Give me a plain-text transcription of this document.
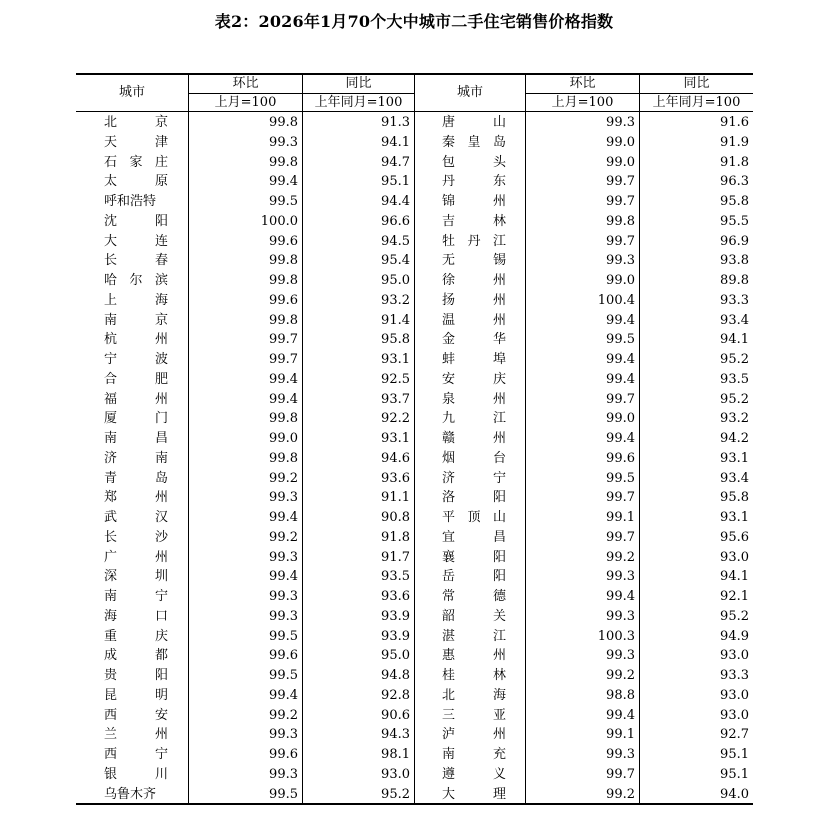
表2：2026年1月70个大中城市二手住宅销售价格指数
城市
环比	同比
上月=100	上年同月=100
城市
环比	同比
上月=100	上年同月=100
北京	99.8	91.3 唐山	99.3	91.6
天津	99.3	94.1 秦皇岛	99.0	91.9
石家庄	99.8	94.7 包头	99.0	91.8
太原	99.4	95.1 丹东	99.7	96.3
呼和浩特	99.5	94.4 锦州	99.7	95.8
沈阳	100.0	96.6 吉林	99.8	95.5
大连	99.6	94.5 牡丹江	99.7	96.9
长春	99.8	95.4 无锡	99.3	93.8
哈尔滨	99.8	95.0 徐州	99.0	89.8
上海	99.6	93.2 扬州	100.4	93.3
南京	99.8	91.4 温州	99.4	93.4
杭州	99.7	95.8 金华	99.5	94.1
宁波	99.7	93.1 蚌埠	99.4	95.2
合肥	99.4	92.5 安庆	99.4	93.5
福州	99.4	93.7 泉州	99.7	95.2
厦门	99.8	92.2 九江	99.0	93.2
南昌	99.0	93.1 赣州	99.4	94.2
济南	99.8	94.6 烟台	99.6	93.1
青岛	99.2	93.6 济宁	99.5	93.4
郑州	99.3	91.1 洛阳	99.7	95.8
武汉	99.4	90.8 平顶山	99.1	93.1
长沙	99.2	91.8 宜昌	99.7	95.6
广州	99.3	91.7 襄阳	99.2	93.0
深圳	99.4	93.5 岳阳	99.3	94.1
南宁	99.3	93.6 常德	99.4	92.1
海口	99.3	93.9 韶关	99.3	95.2
重庆	99.5	93.9 湛江	100.3	94.9
成都	99.6	95.0 惠州	99.3	93.0
贵阳	99.5	94.8 桂林	99.2	93.3
昆明	99.4	92.8 北海	98.8	93.0
西安	99.2	90.6 三亚	99.4	93.0
兰州	99.3	94.3 泸州	99.1	92.7
西宁	99.6	98.1 南充	99.3	95.1
银川	99.3	93.0 遵义	99.7	95.1
乌鲁木齐	99.5	95.2 大理	99.2	94.0
